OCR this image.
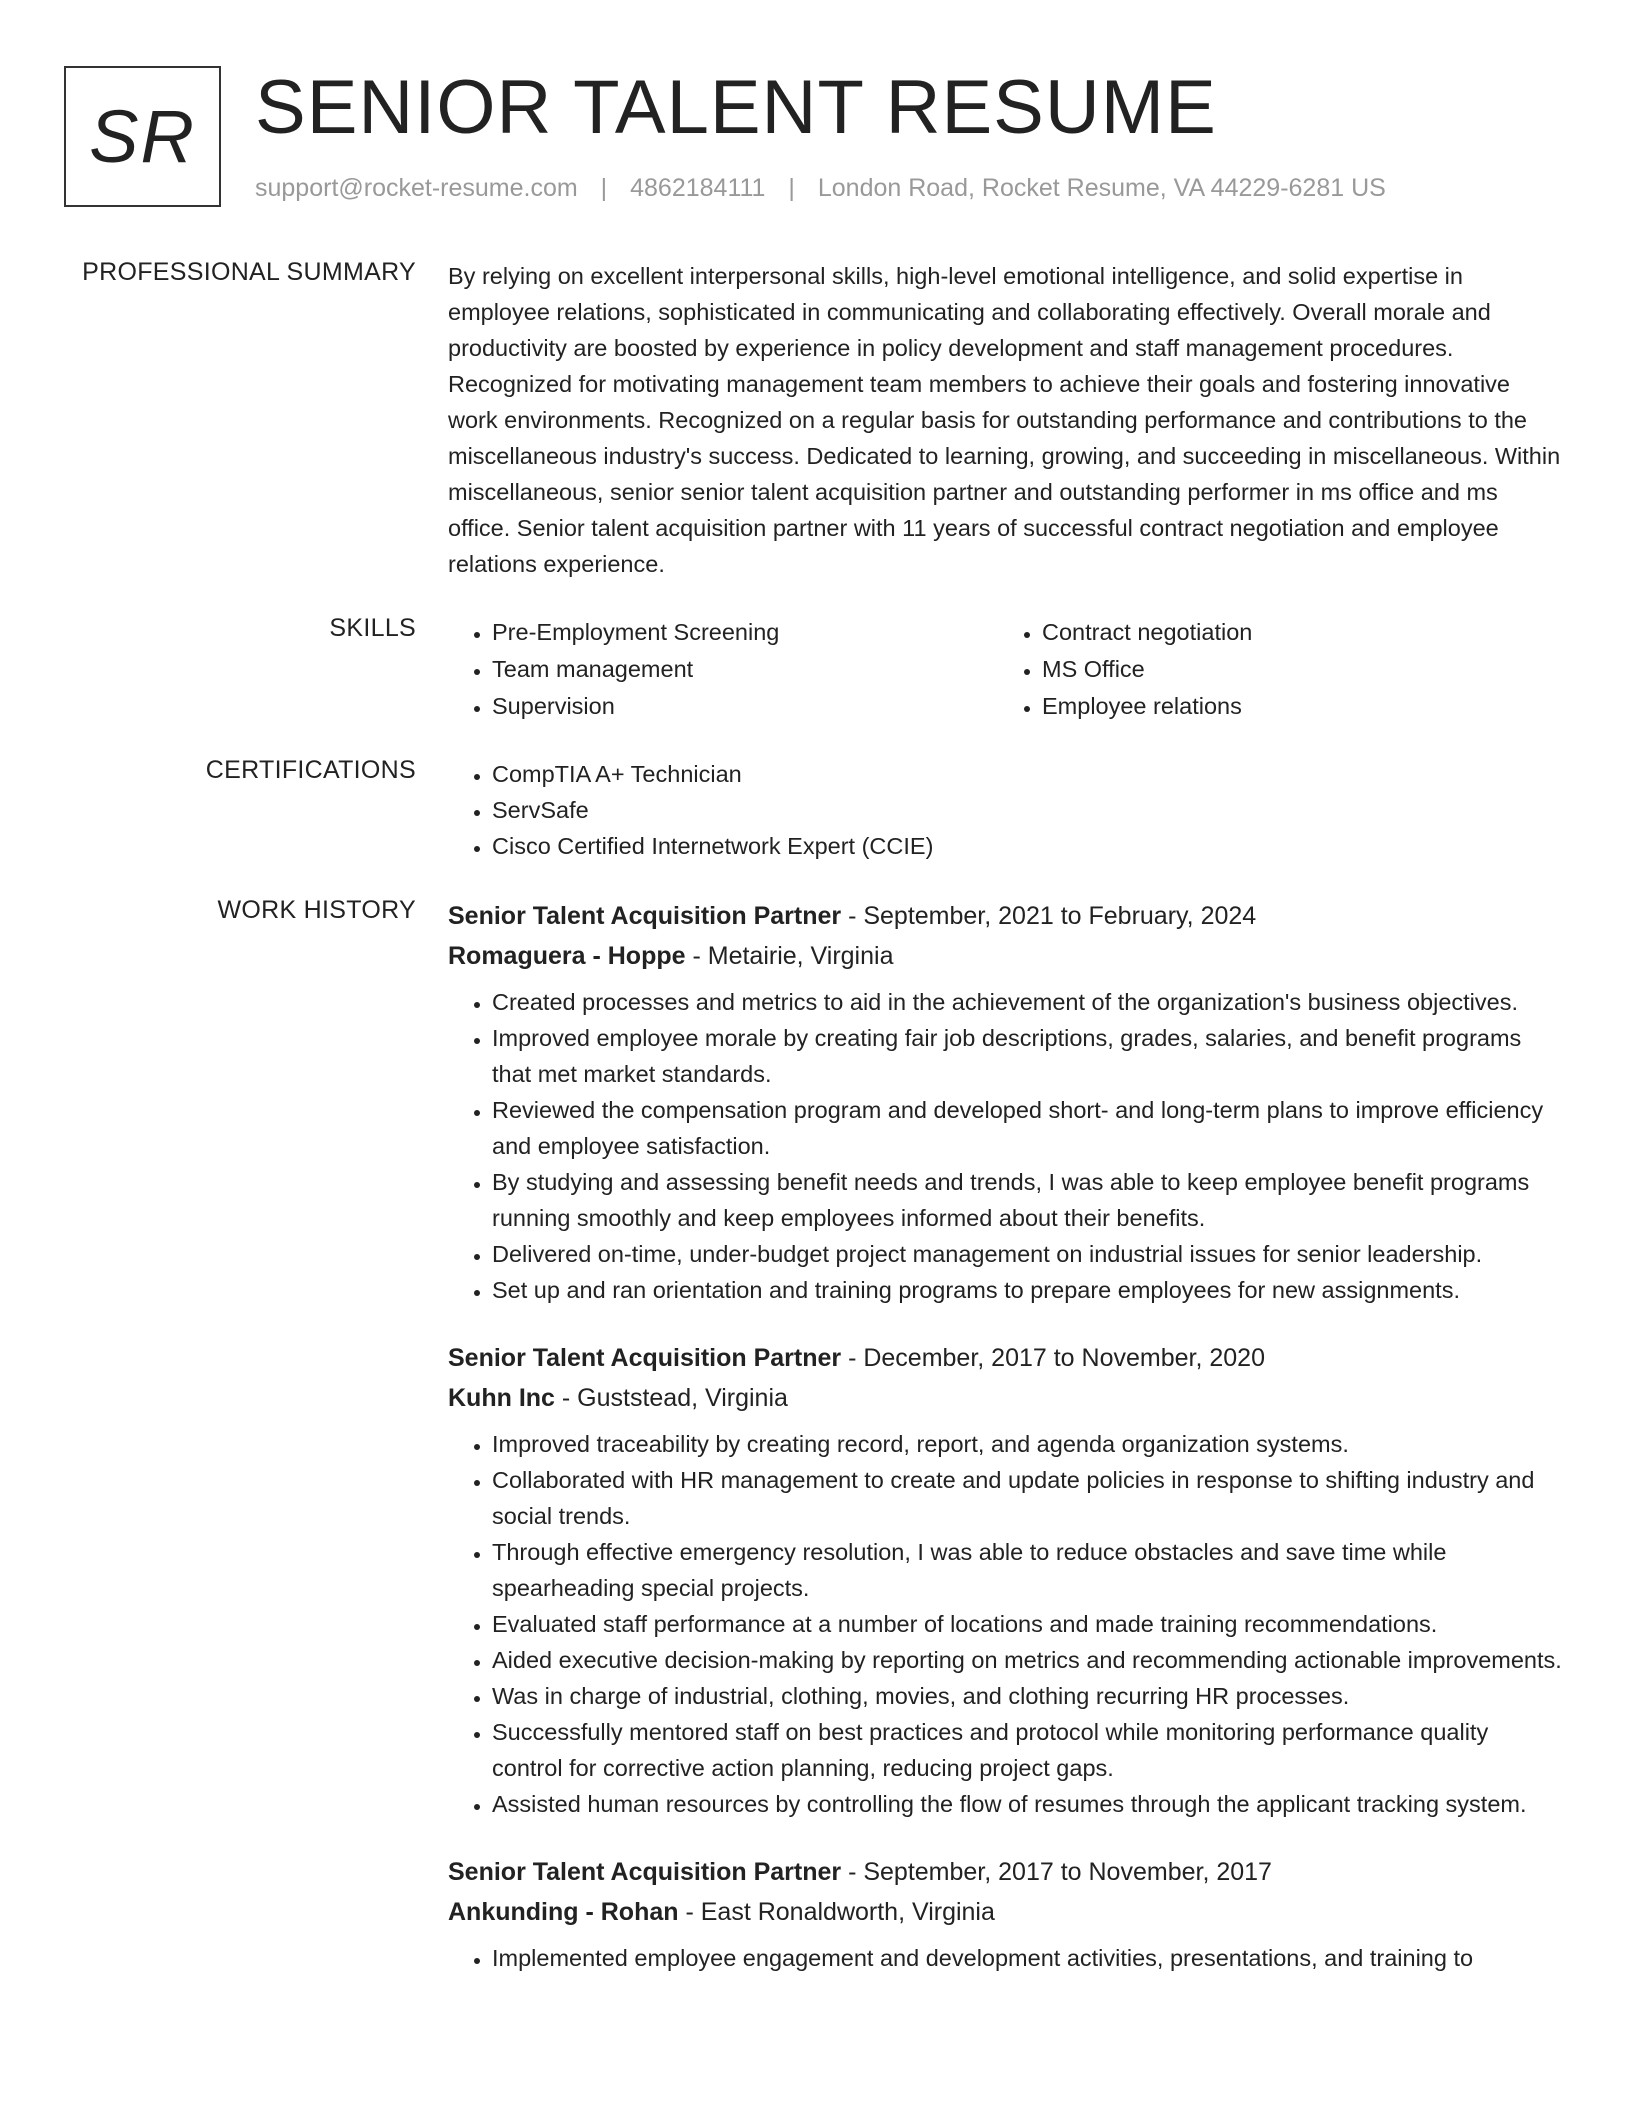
SR SENIOR TALENT RESUME
support@rocket-resume.com | 4862184111 | London Road, Rocket Resume, VA 44229-6281 US
PROFESSIONAL SUMMARY By relying on excellent interpersonal skills, high-level emotional intelligence, and solid expertise in employee relations, sophisticated in communicating and collaborating effectively. Overall morale and productivity are boosted by experience in policy development and staff management procedures. Recognized for motivating management team members to achieve their goals and fostering innovative work environments. Recognized on a regular basis for outstanding performance and contributions to the miscellaneous industry's success. Dedicated to learning, growing, and succeeding in miscellaneous. Within miscellaneous, senior senior talent acquisition partner and outstanding performer in ms office and ms office. Senior talent acquisition partner with 11 years of successful contract negotiation and employee relations experience.

SKILLS	• Pre-Employment Screening
• Team management
• Supervision
• Contract negotiation
• MS Office
• Employee relations
CERTIFICATIONS	• CompTIA A+ Technician
• ServSafe
• Cisco Certified Internetwork Expert (CCIE)
WORK HISTORY Senior Talent Acquisition Partner - September, 2021 to February, 2024

Romaguera - Hoppe - Metairie, Virginia

• Created processes and metrics to aid in the achievement of the organization's business objectives.
• Improved employee morale by creating fair job descriptions, grades, salaries, and benefit programs that met market standards.
• Reviewed the compensation program and developed short- and long-term plans to improve efficiency and employee satisfaction.
• By studying and assessing benefit needs and trends, I was able to keep employee benefit programs running smoothly and keep employees informed about their benefits.
• Delivered on-time, under-budget project management on industrial issues for senior leadership.
• Set up and ran orientation and training programs to prepare employees for new assignments.

Senior Talent Acquisition Partner - December, 2017 to November, 2020

Kuhn Inc - Guststead, Virginia

• Improved traceability by creating record, report, and agenda organization systems.
• Collaborated with HR management to create and update policies in response to shifting industry and social trends.
• Through effective emergency resolution, I was able to reduce obstacles and save time while spearheading special projects.
• Evaluated staff performance at a number of locations and made training recommendations.
• Aided executive decision-making by reporting on metrics and recommending actionable improvements.
• Was in charge of industrial, clothing, movies, and clothing recurring HR processes.
• Successfully mentored staff on best practices and protocol while monitoring performance quality control for corrective action planning, reducing project gaps.
• Assisted human resources by controlling the flow of resumes through the applicant tracking system.

Senior Talent Acquisition Partner - September, 2017 to November, 2017

Ankunding - Rohan - East Ronaldworth, Virginia

• Implemented employee engagement and development activities, presentations, and training to
